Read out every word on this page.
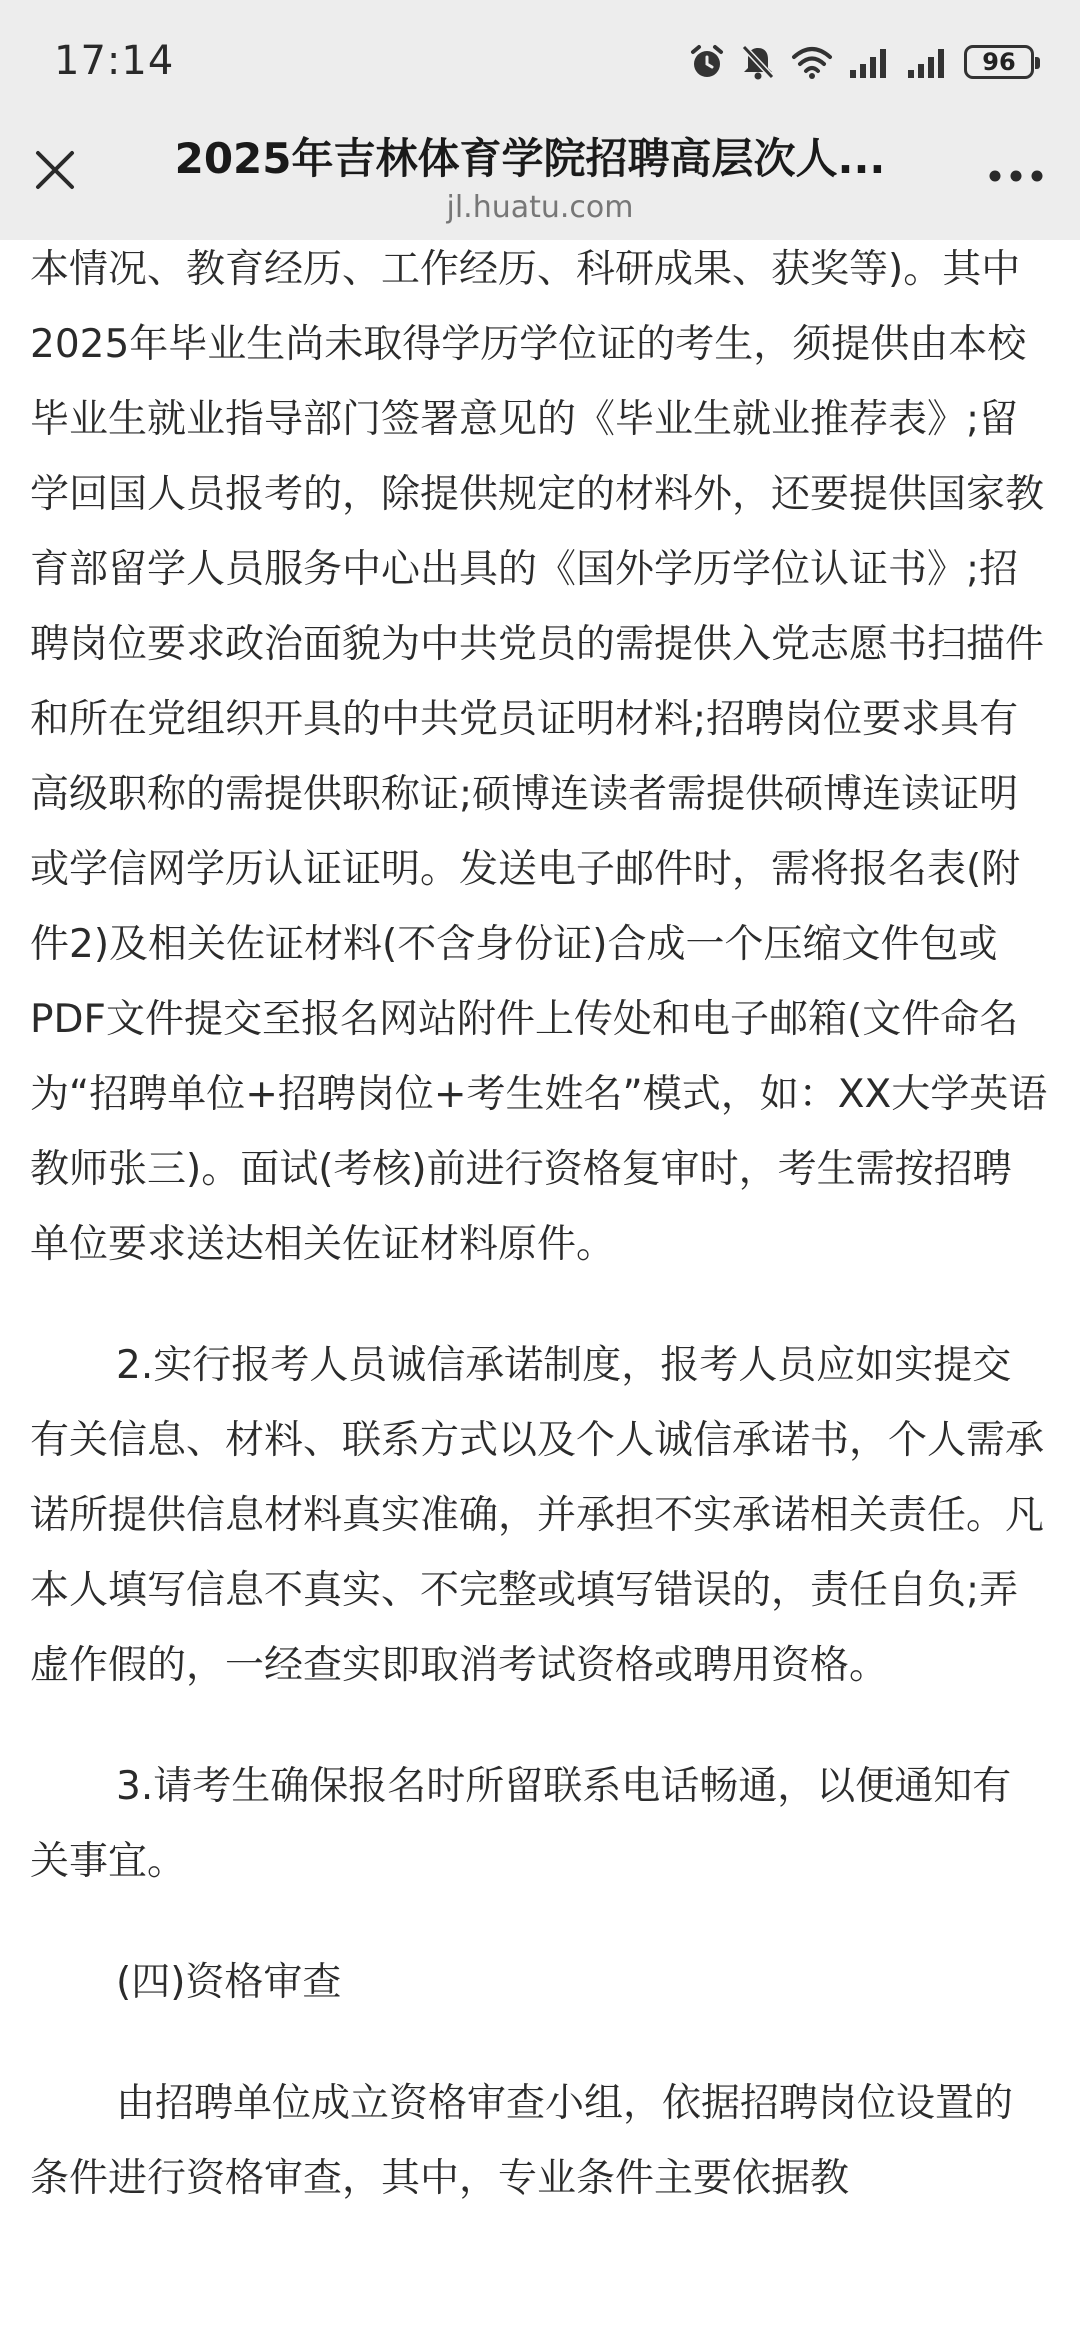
17:14	96
2025年吉林体育学院招聘高层次人...
jl.huatu.com

本情况、教育经历、工作经历、科研成果、获奖等)。其中2025年毕业生尚未取得学历学位证的考生，须提供由本校毕业生就业指导部门签署意见的《毕业生就业推荐表》;留学回国人员报考的，除提供规定的材料外，还要提供国家教育部留学人员服务中心出具的《国外学历学位认证书》;招聘岗位要求政治面貌为中共党员的需提供入党志愿书扫描件和所在党组织开具的中共党员证明材料;招聘岗位要求具有高级职称的需提供职称证;硕博连读者需提供硕博连读证明或学信网学历认证证明。发送电子邮件时，需将报名表(附件2)及相关佐证材料(不含身份证)合成一个压缩文件包或PDF文件提交至报名网站附件上传处和电子邮箱(文件命名为“招聘单位+招聘岗位+考生姓名”模式，如：XX大学英语教师张三)。面试(考核)前进行资格复审时，考生需按招聘单位要求送达相关佐证材料原件。

2.实行报考人员诚信承诺制度，报考人员应如实提交有关信息、材料、联系方式以及个人诚信承诺书，个人需承诺所提供信息材料真实准确，并承担不实承诺相关责任。凡本人填写信息不真实、不完整或填写错误的，责任自负;弄虚作假的，一经查实即取消考试资格或聘用资格。

3.请考生确保报名时所留联系电话畅通，以便通知有关事宜。

(四)资格审查

由招聘单位成立资格审查小组，依据招聘岗位设置的条件进行资格审查，其中，专业条件主要依据教
